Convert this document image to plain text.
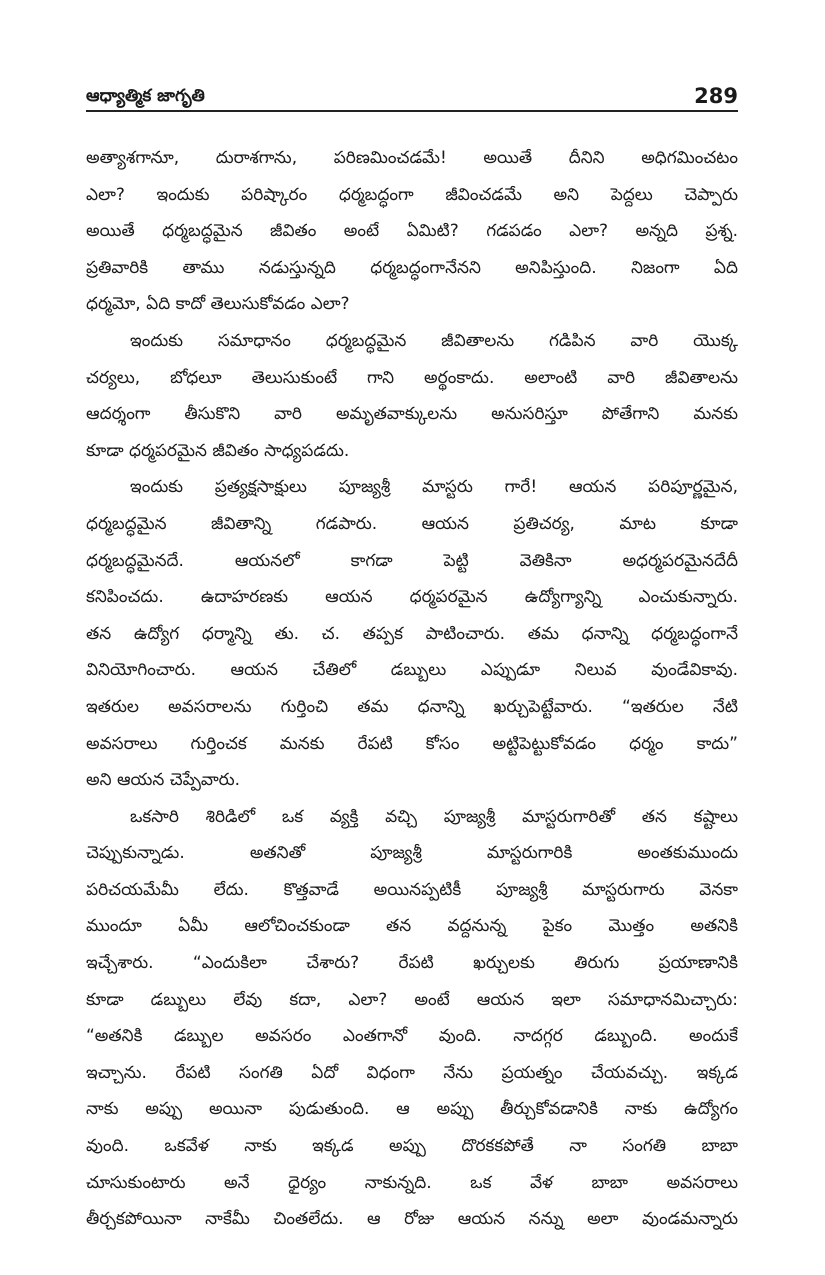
ఆధ్యాత్మిక జాగృతి	289
అత్యాశగానూ, దురాశగాను, పరిణమించడమే! అయితే దీనిని అధిగమించటం
ఎలా? ఇందుకు పరిష్కారం ధర్మబద్ధంగా జీవించడమే అని పెద్దలు చెప్పారు
అయితే ధర్మబద్ధమైన జీవితం అంటే ఏమిటి? గడపడం ఎలా? అన్నది ప్రశ్న.
ప్రతివారికి తాము నడుస్తున్నది ధర్మబద్ధంగానేనని అనిపిస్తుంది. నిజంగా ఏది
ధర్మమో, ఏది కాదో తెలుసుకోవడం ఎలా?
ఇందుకు సమాధానం ధర్మబద్ధమైన జీవితాలను గడిపిన వారి యొక్క
చర్యలు, బోధలూ తెలుసుకుంటే గాని అర్థంకాదు. అలాంటి వారి జీవితాలను
ఆదర్శంగా తీసుకొని వారి అమృతవాక్కులను అనుసరిస్తూ పోతేగాని మనకు
కూడా ధర్మపరమైన జీవితం సాధ్యపడదు.
ఇందుకు ప్రత్యక్షసాక్షులు పూజ్యశ్రీ మాస్టరు గారే! ఆయన పరిపూర్ణమైన,
ధర్మబద్ధమైన జీవితాన్ని గడపారు. ఆయన ప్రతిచర్య, మాట కూడా
ధర్మబద్ధమైనదే. ఆయనలో కాగడా పెట్టి వెతికినా అధర్మపరమైనదేదీ
కనిపించదు. ఉదాహరణకు ఆయన ధర్మపరమైన ఉద్యోగ్యాన్ని ఎంచుకున్నారు.
తన ఉద్యోగ ధర్మాన్ని తు. చ. తప్పక పాటించారు. తమ ధనాన్ని ధర్మబద్ధంగానే
వినియోగించారు. ఆయన చేతిలో డబ్బులు ఎప్పుడూ నిలువ వుండేవికావు.
ఇతరుల అవసరాలను గుర్తించి తమ ధనాన్ని ఖర్చుపెట్టేవారు. “ఇతరుల నేటి
అవసరాలు గుర్తించక మనకు రేపటి కోసం అట్టిపెట్టుకోవడం ధర్మం కాదు”
అని ఆయన చెప్పేవారు.
ఒకసారి శిరిడిలో ఒక వ్యక్తి వచ్చి పూజ్యశ్రీ మాస్టరుగారితో తన కష్టాలు
చెప్పుకున్నాడు. అతనితో పూజ్యశ్రీ మాస్టరుగారికి అంతకుముందు
పరిచయమేమీ లేదు. కొత్తవాడే అయినప్పటికీ పూజ్యశ్రీ మాస్టరుగారు వెనకా
ముందూ ఏమీ ఆలోచించకుండా తన వద్దనున్న పైకం మొత్తం అతనికి
ఇచ్చేశారు. “ఎందుకిలా చేశారు? రేపటి ఖర్చులకు తిరుగు ప్రయాణానికి
కూడా డబ్బులు లేవు కదా, ఎలా? అంటే ఆయన ఇలా సమాధానమిచ్చారు:
“అతనికి డబ్బుల అవసరం ఎంతగానో వుంది. నాదగ్గర డబ్బుంది. అందుకే
ఇచ్చాను. రేపటి సంగతి ఏదో విధంగా నేను ప్రయత్నం చేయవచ్చు. ఇక్కడ
నాకు అప్పు అయినా పుడుతుంది. ఆ అప్పు తీర్చుకోవడానికి నాకు ఉద్యోగం
వుంది. ఒకవేళ నాకు ఇక్కడ అప్పు దొరకకపోతే నా సంగతి బాబా
చూసుకుంటారు అనే ధైర్యం నాకున్నది. ఒక వేళ బాబా అవసరాలు
తీర్చకపోయినా నాకేమీ చింతలేదు. ఆ రోజు ఆయన నన్ను అలా వుండమన్నారు
